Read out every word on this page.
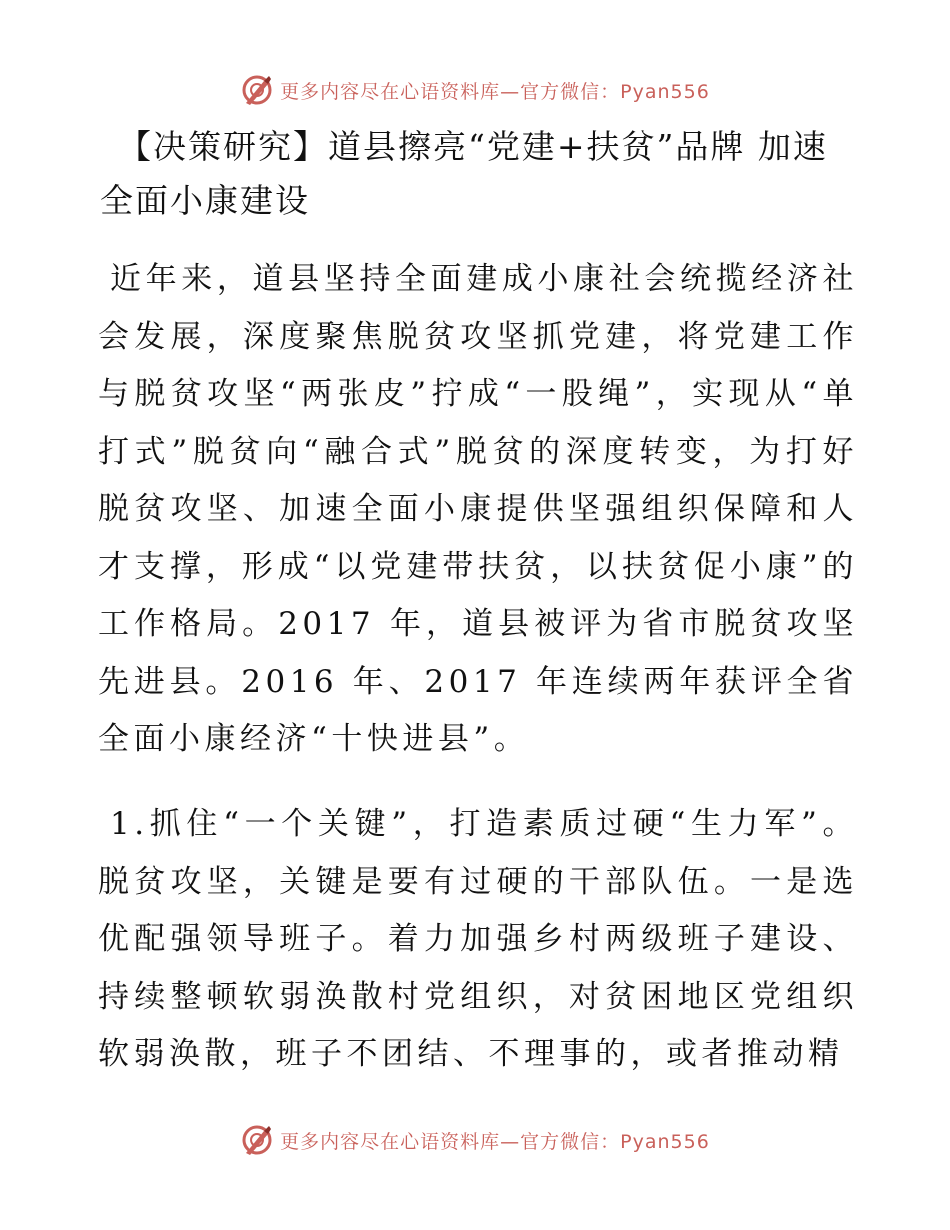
更多内容尽在心语资料库—官方微信：Pyan556
【决策研究】道县擦亮“党建+扶贫”品牌 加速全面小康建设

近年来，道县坚持全面建成小康社会统揽经济社会发展，深度聚焦脱贫攻坚抓党建，将党建工作与脱贫攻坚“两张皮”拧成“一股绳”，实现从“单打式”脱贫向“融合式”脱贫的深度转变，为打好脱贫攻坚、加速全面小康提供坚强组织保障和人才支撑，形成“以党建带扶贫，以扶贫促小康”的工作格局。2017 年，道县被评为省市脱贫攻坚先进县。2016 年、2017 年连续两年获评全省全面小康经济“十快进县”。

1.抓住“一个关键”，打造素质过硬“生力军”。脱贫攻坚，关键是要有过硬的干部队伍。一是选优配强领导班子。着力加强乡村两级班子建设、持续整顿软弱涣散村党组织，对贫困地区党组织软弱涣散，班子不团结、不理事的，或者推动精

更多内容尽在心语资料库—官方微信：Pyan556
